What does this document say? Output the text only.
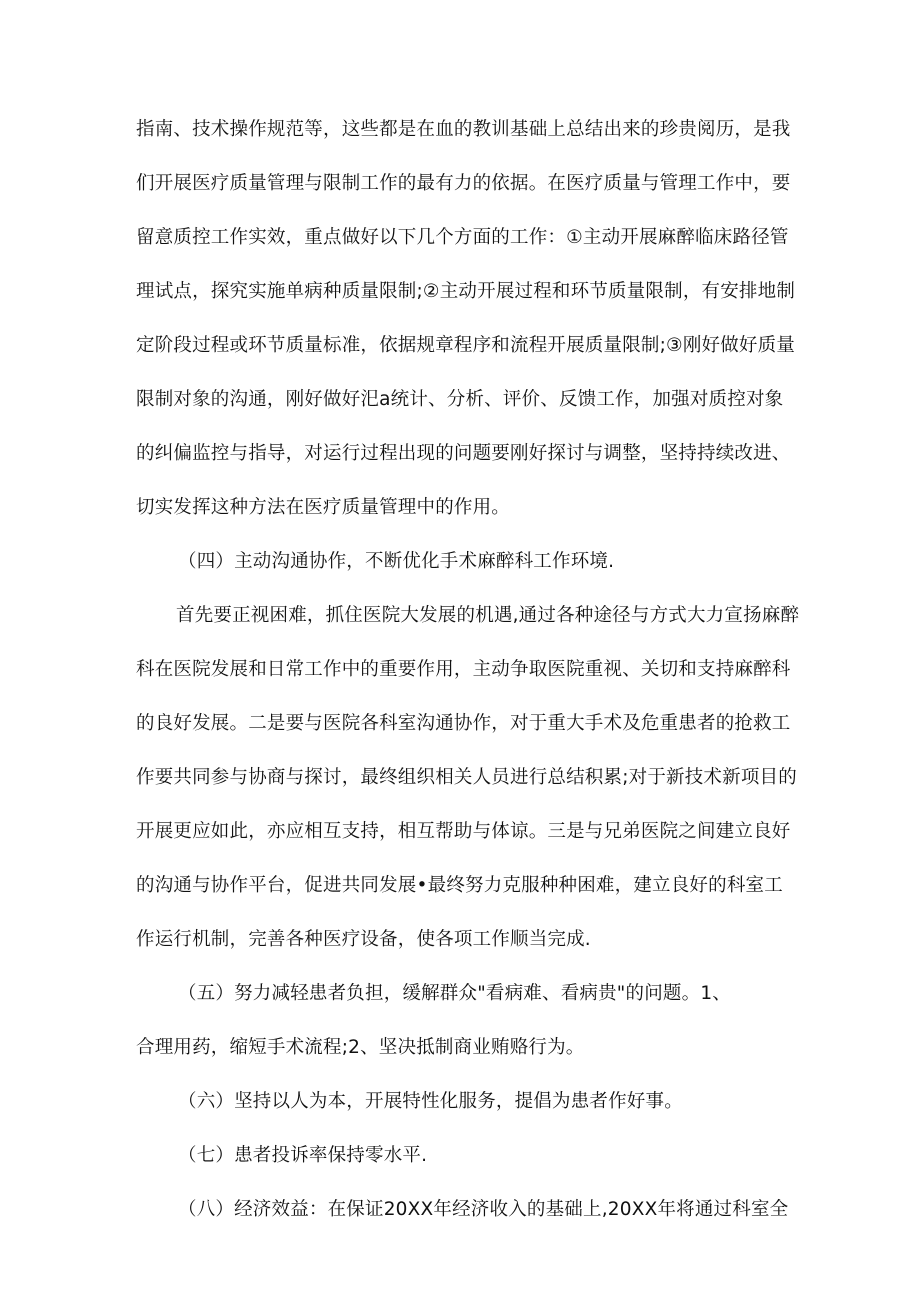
指南、技术操作规范等，这些都是在血的教训基础上总结出来的珍贵阅历，是我

们开展医疗质量管理与限制工作的最有力的依据。在医疗质量与管理工作中，要

留意质控工作实效，重点做好以下几个方面的工作：①主动开展麻醉临床路径管

理试点，探究实施单病种质量限制;②主动开展过程和环节质量限制，有安排地制

定阶段过程或环节质量标准，依据规章程序和流程开展质量限制;③刚好做好质量

限制对象的沟通，刚好做好汜a统计、分析、评价、反馈工作，加强对质控对象

的纠偏监控与指导，对运行过程出现的问题要刚好探讨与调整，坚持持续改进、

切实发挥这种方法在医疗质量管理中的作用。

（四）主动沟通协作，不断优化手术麻醉科工作环境.

首先要正视困难，抓住医院大发展的机遇,通过各种途径与方式大力宣扬麻醉

科在医院发展和日常工作中的重要作用，主动争取医院重视、关切和支持麻醉科

的良好发展。二是要与医院各科室沟通协作，对于重大手术及危重患者的抢救工

作要共同参与协商与探讨，最终组织相关人员进行总结积累;对于新技术新项目的

开展更应如此，亦应相互支持，相互帮助与体谅。三是与兄弟医院之间建立良好

的沟通与协作平台，促进共同发展•最终努力克服种种困难，建立良好的科室工

作运行机制，完善各种医疗设备，使各项工作顺当完成.

（五）努力减轻患者负担，缓解群众"看病难、看病贵"的问题。1、

合理用药，缩短手术流程;2、坚决抵制商业贿赂行为。

（六）坚持以人为本，开展特性化服务，提倡为患者作好事。

（七）患者投诉率保持零水平.

（八）经济效益：在保证20XX年经济收入的基础上,20XX年将通过科室全
